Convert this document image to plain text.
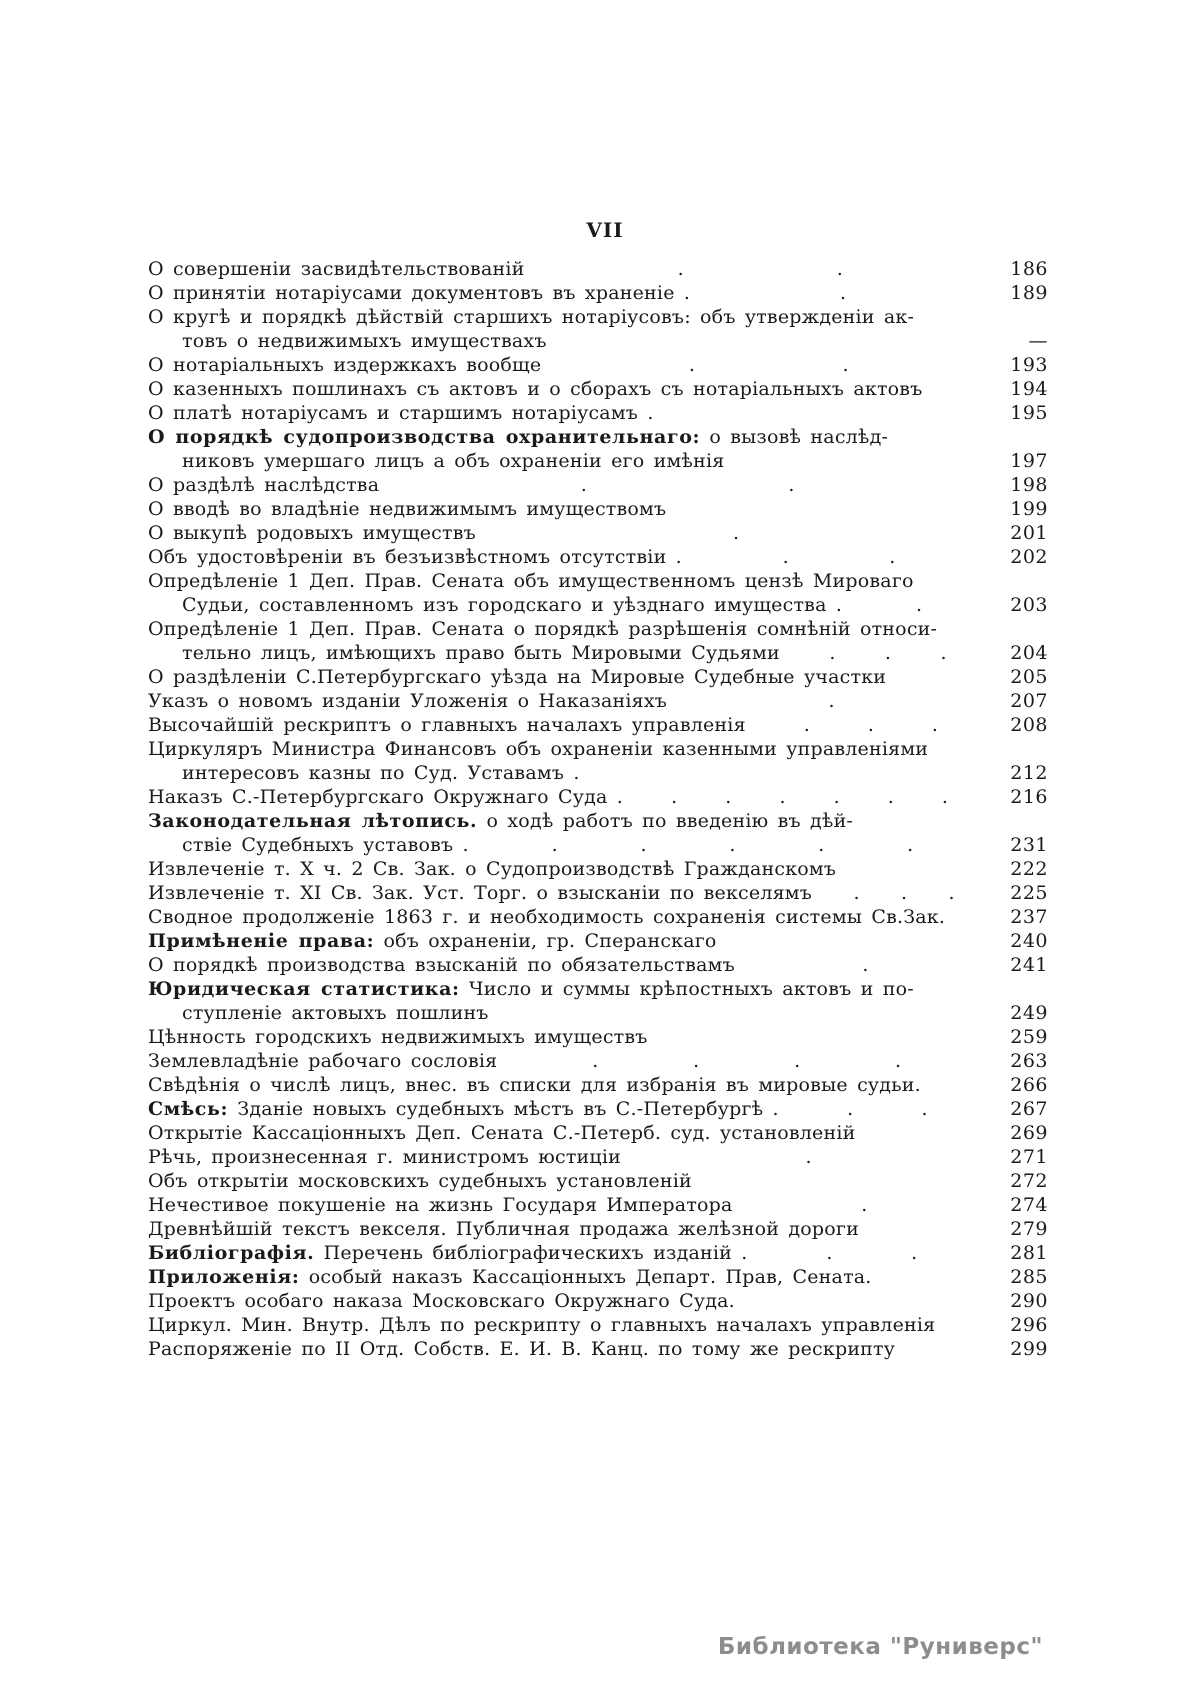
VII
О совершеніи засвидѣтельствованій	.	.	186
О принятіи нотаріусами документовъ въ храненіе .	.	189
О кругѣ и порядкѣ дѣйствій старшихъ нотаріусовъ: объ утвержденіи ак-
товъ о недвижимыхъ имуществахъ	—
О нотаріальныхъ издержкахъ вообще	.	.	193
О казенныхъ пошлинахъ съ актовъ и о сборахъ съ нотаріальныхъ актовъ	194
О платѣ нотаріусамъ и старшимъ нотаріусамъ .	195
О порядкѣ судопроизводства охранительнаго: о вызовѣ наслѣд-
никовъ умершаго лицъ а объ охраненіи его имѣнія	197
О раздѣлѣ наслѣдства	.	.	198
О вводѣ во владѣніе недвижимымъ имуществомъ	199
О выкупѣ родовыхъ имуществъ	.	201
Объ удостовѣреніи въ безъизвѣстномъ отсутствіи .	.	.	202
Опредѣленіе 1 Деп. Прав. Сената объ имущественномъ цензѣ Мироваго
Судьи, составленномъ изъ городскаго и уѣзднаго имущества .	.	203
Опредѣленіе 1 Деп. Прав. Сената о порядкѣ разрѣшенія сомнѣній относи-
тельно лицъ, имѣющихъ право быть Мировыми Судьями	.	.	.	204
О раздѣленіи С.Петербургскаго уѣзда на Мировые Судебные участки	205
Указъ о новомъ изданіи Уложенія о Наказаніяхъ	.	207
Высочайшій рескриптъ о главныхъ началахъ управленія	.	.	.	208
Циркуляръ Министра Финансовъ объ охраненіи казенными управленіями
интересовъ казны по Суд. Уставамъ .	212
Наказъ С.-Петербургскаго Окружнаго Суда .	.	.	.	.	.	.	216
Законодательная лѣтопись. о ходѣ работъ по введенію въ дѣй-
ствіе Судебныхъ уставовъ .	.	.	.	.	.	231
Извлеченіе т. X ч. 2 Св. Зак. о Судопроизводствѣ Гражданскомъ	222
Извлеченіе т. XI Св. Зак. Уст. Торг. о взысканіи по векселямъ . . .	225
Сводное продолженіе 1863 г. и необходимость сохраненія системы Св.Зак.	237
Примѣненіе права: объ охраненіи, гр. Сперанскаго	240
О порядкѣ производства взысканій по обязательствамъ	.	241
Юридическая статистика: Число и суммы крѣпостныхъ актовъ и по-
ступленіе актовыхъ пошлинъ	249
Цѣнность городскихъ недвижимыхъ имуществъ	259
Землевладѣніе рабочаго сословія	.	.	.	.	263
Свѣдѣнія о числѣ лицъ, внес. въ списки для избранія въ мировые судьи.	266
Смѣсь: Зданіе новыхъ судебныхъ мѣстъ въ С.-Петербургѣ .	.	.	267
Открытіе Кассаціонныхъ Деп. Сената С.-Петерб. суд. установленій	269
Рѣчь, произнесенная г. министромъ юстиціи	.	271
Объ открытіи московскихъ судебныхъ установленій	272
Нечестивое покушеніе на жизнь Государя Императора	.	274
Древнѣйшій текстъ векселя. Публичная продажа желѣзной дороги	279
Библіографія. Перечень библіографическихъ изданій .	.	.	281
Приложенія: особый наказъ Кассаціонныхъ Департ. Прав, Сената.	285
Проектъ особаго наказа Московскаго Окружнаго Суда.	290
Циркул. Мин. Внутр. Дѣлъ по рескрипту о главныхъ началахъ управленія	296
Распоряженіе по II Отд. Собств. Е. И. В. Канц. по тому же рескрипту	299
Библиотека "Руниверс"
